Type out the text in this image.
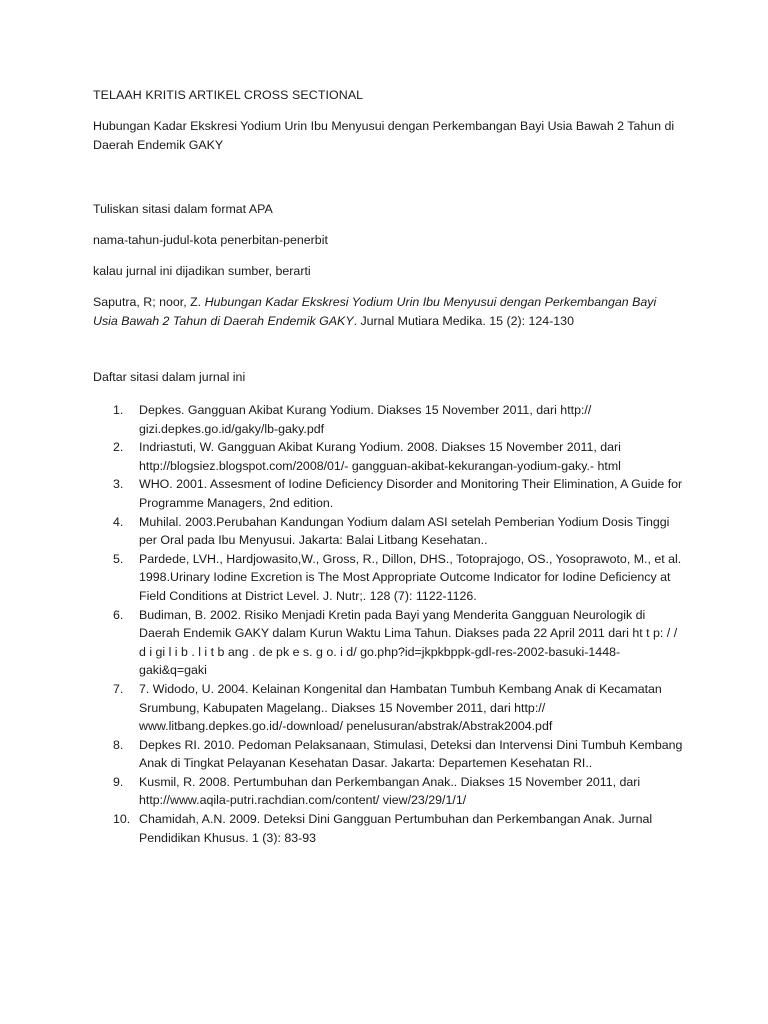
TELAAH KRITIS ARTIKEL CROSS SECTIONAL

Hubungan Kadar Ekskresi Yodium Urin Ibu Menyusui dengan Perkembangan Bayi Usia Bawah 2 Tahun di Daerah Endemik GAKY

Tuliskan sitasi dalam format APA

nama-tahun-judul-kota penerbitan-penerbit

kalau jurnal ini dijadikan sumber, berarti

Saputra, R; noor, Z. Hubungan Kadar Ekskresi Yodium Urin Ibu Menyusui dengan Perkembangan Bayi Usia Bawah 2 Tahun di Daerah Endemik GAKY. Jurnal Mutiara Medika. 15 (2): 124-130

Daftar sitasi dalam jurnal ini

1.	Depkes. Gangguan Akibat Kurang Yodium. Diakses 15 November 2011, dari http:// gizi.depkes.go.id/gaky/lb-gaky.pdf
2.	Indriastuti, W. Gangguan Akibat Kurang Yodium. 2008. Diakses 15 November 2011, dari http://blogsiez.blogspot.com/2008/01/- gangguan-akibat-kekurangan-yodium-gaky.- html
3.	WHO. 2001. Assesment of Iodine Deficiency Disorder and Monitoring Their Elimination, A Guide for Programme Managers, 2nd edition.
4.	Muhilal. 2003.Perubahan Kandungan Yodium dalam ASI setelah Pemberian Yodium Dosis Tinggi per Oral pada Ibu Menyusui. Jakarta: Balai Litbang Kesehatan..
5.	Pardede, LVH., Hardjowasito,W., Gross, R., Dillon, DHS., Totoprajogo, OS., Yosoprawoto, M., et al. 1998.Urinary Iodine Excretion is The Most Appropriate Outcome Indicator for Iodine Deficiency at Field Conditions at District Level. J. Nutr;. 128 (7): 1122-1126.
6.	Budiman, B. 2002. Risiko Menjadi Kretin pada Bayi yang Menderita Gangguan Neurologik di Daerah Endemik GAKY dalam Kurun Waktu Lima Tahun. Diakses pada 22 April 2011 dari ht t p: / / d i gi l i b . l i t b ang . de pk e s. g o. i d/ go.php?id=jkpkbppk-gdl-res-2002-basuki-1448-gaki&q=gaki
7.	7. Widodo, U. 2004. Kelainan Kongenital dan Hambatan Tumbuh Kembang Anak di Kecamatan Srumbung, Kabupaten Magelang.. Diakses 15 November 2011, dari http:// www.litbang.depkes.go.id/-download/ penelusuran/abstrak/Abstrak2004.pdf
8.	Depkes RI. 2010. Pedoman Pelaksanaan, Stimulasi, Deteksi dan Intervensi Dini Tumbuh Kembang Anak di Tingkat Pelayanan Kesehatan Dasar. Jakarta: Departemen Kesehatan RI..
9.	Kusmil, R. 2008. Pertumbuhan dan Perkembangan Anak.. Diakses 15 November 2011, dari http://www.aqila-putri.rachdian.com/content/ view/23/29/1/1/
10. Chamidah, A.N. 2009. Deteksi Dini Gangguan Pertumbuhan dan Perkembangan Anak. Jurnal Pendidikan Khusus. 1 (3): 83-93
